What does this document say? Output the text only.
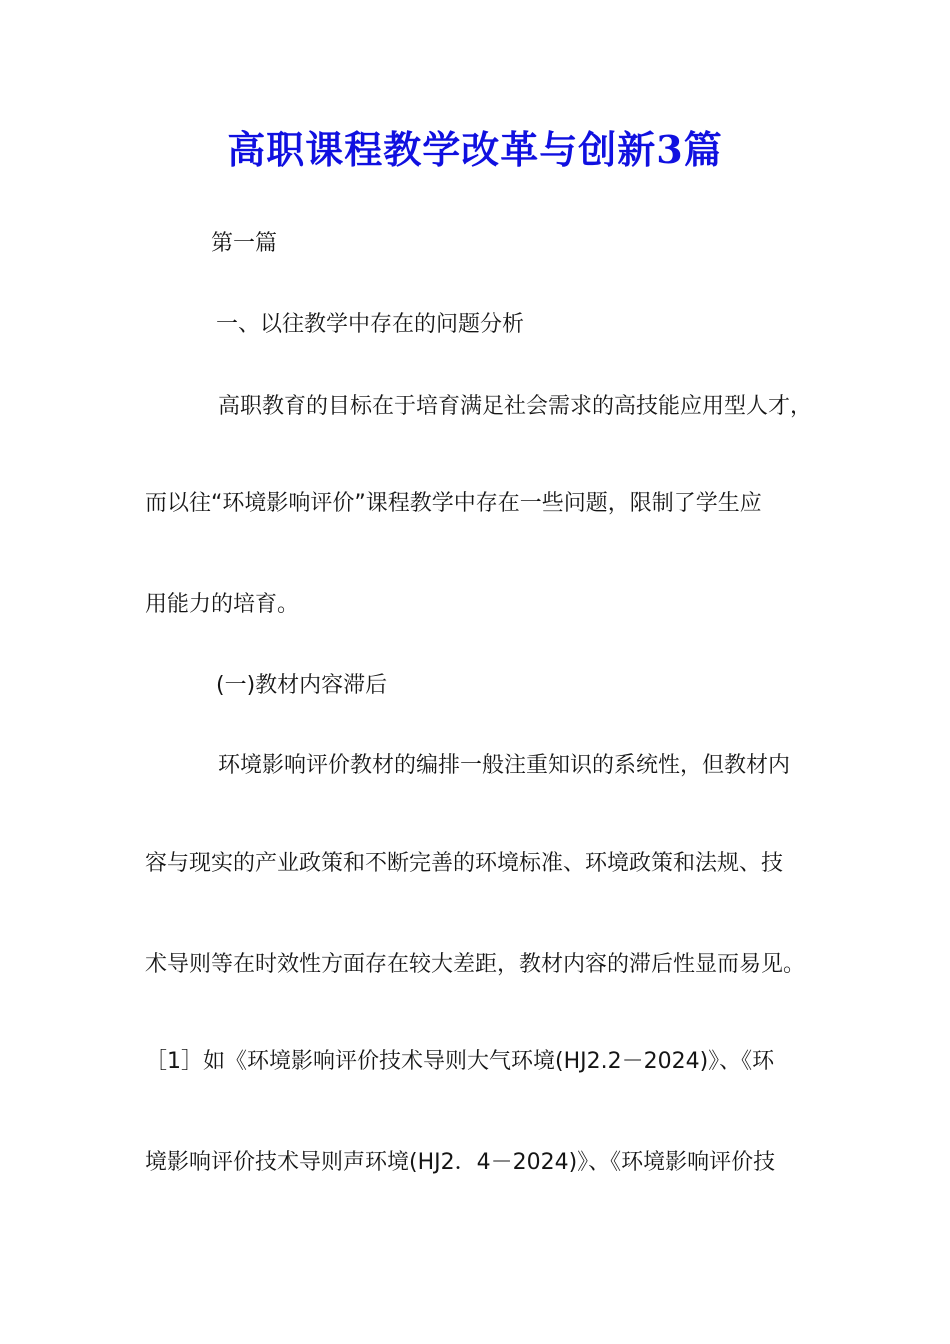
高职课程教学改革与创新3篇
第一篇
一、以往教学中存在的问题分析
高职教育的目标在于培育满足社会需求的高技能应用型人才，
而以往“环境影响评价”课程教学中存在一些问题，限制了学生应
用能力的培育。
(一)教材内容滞后
环境影响评价教材的编排一般注重知识的系统性，但教材内
容与现实的产业政策和不断完善的环境标准、环境政策和法规、技
术导则等在时效性方面存在较大差距，教材内容的滞后性显而易见。
［1］如《环境影响评价技术导则大气环境(HJ2.2－2024)》、《环
境影响评价技术导则声环境(HJ2．4－2024)》、《环境影响评价技
